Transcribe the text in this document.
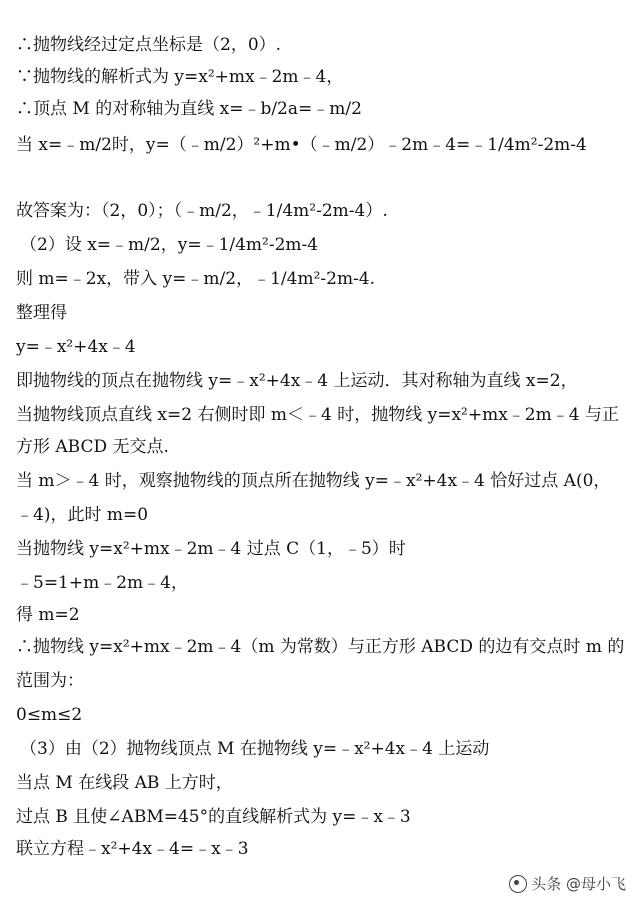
∴抛物线经过定点坐标是（2，0）.
∵抛物线的解析式为 y=x²+mx﹣2m﹣4，
∴顶点 M 的对称轴为直线 x=﹣b/2a=﹣m/2
当 x=﹣m/2时，y=（﹣m/2）²+m•（﹣m/2）﹣2m﹣4=﹣1/4m²-2m-4
故答案为：（2，0）；（﹣m/2，﹣1/4m²-2m-4）.
（2）设 x=﹣m/2，y=﹣1/4m²-2m-4
则 m=﹣2x，带入 y=﹣m/2，﹣1/4m²-2m-4.
整理得
y=﹣x²+4x﹣4
即抛物线的顶点在抛物线 y=﹣x²+4x﹣4 上运动．其对称轴为直线 x=2，
当抛物线顶点直线 x=2 右侧时即 m＜﹣4 时，抛物线 y=x²+mx﹣2m﹣4 与正
方形 ABCD 无交点.
当 m＞﹣4 时，观察抛物线的顶点所在抛物线 y=﹣x²+4x﹣4 恰好过点 A(0，
﹣4)，此时 m=0
当抛物线 y=x²+mx﹣2m﹣4 过点 C（1，﹣5）时
﹣5=1+m﹣2m﹣4，
得 m=2
∴抛物线 y=x²+mx﹣2m﹣4（m 为常数）与正方形 ABCD 的边有交点时 m 的
范围为：
0≤m≤2
（3）由（2）抛物线顶点 M 在抛物线 y=﹣x²+4x﹣4 上运动
当点 M 在线段 AB 上方时，
过点 B 且使∠ABM=45°的直线解析式为 y=﹣x﹣3
联立方程﹣x²+4x﹣4=﹣x﹣3
头条 @母小飞
